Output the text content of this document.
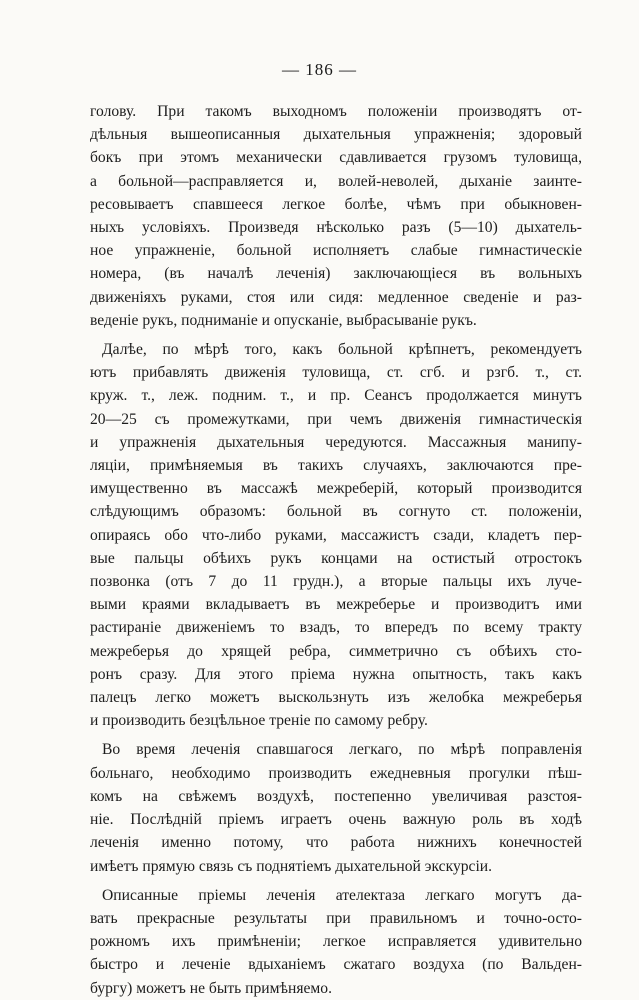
— 186 —

голову. При такомъ выходномъ положенiи производятъ от-

дѣльныя вышеописанныя дыхательныя упражненiя; здоровый

бокъ при этомъ механически сдавливается грузомъ туловища,

а больной—расправляется и, волей-неволей, дыханiе заинте-

ресовываетъ спавшееся легкое болѣе, чѣмъ при обыкновен-

ныхъ условiяхъ. Произведя нѣсколько разъ (5—10) дыхатель-

ное упражненiе, больной исполняетъ слабые гимнастическiе

номера, (въ началѣ леченiя) заключающiеся въ вольныхъ

движенiяхъ руками, стоя или сидя: медленное сведенiе и раз-

веденiе рукъ, подниманiе и опусканiе, выбрасыванiе рукъ.

Далѣе, по мѣрѣ того, какъ больной крѣпнетъ, рекомендуетъ

ютъ прибавлять движенiя туловища, ст. сгб. и рзгб. т., ст.

круж. т., леж. подним. т., и пр. Сеансъ продолжается минутъ

20—25 съ промежутками, при чемъ движенiя гимнастическiя

и упражненiя дыхательныя чередуются. Массажныя манипу-

ляцiи, примѣняемыя въ такихъ случаяхъ, заключаются пре-

имущественно въ массажѣ межреберiй, который производится

слѣдующимъ образомъ: больной въ согнуто ст. положенiи,

опираясь обо что-либо руками, массажистъ сзади, кладетъ пер-

вые пальцы обѣихъ рукъ концами на остистый отростокъ

позвонка (отъ 7 до 11 грудн.), а вторые пальцы ихъ луче-

выми краями вкладываетъ въ межреберье и производитъ ими

растиранiе движенiемъ то взадъ, то впередъ по всему тракту

межреберья до хрящей ребра, симметрично съ обѣихъ сто-

ронъ сразу. Для этого прiема нужна опытность, такъ какъ

палецъ легко можетъ выскользнуть изъ желобка межреберья

и производить безцѣльное тренiе по самому ребру.

Во время леченiя спавшагося легкаго, по мѣрѣ поправленiя

больнаго, необходимо производить ежедневныя прогулки пѣш-

комъ на свѣжемъ воздухѣ, постепенно увеличивая разстоя-

нiе. Послѣднiй прiемъ играетъ очень важную роль въ ходѣ

леченiя именно потому, что работа нижнихъ конечностей

имѣетъ прямую связь съ поднятiемъ дыхательной экскурсiи.

Описанные прiемы леченiя ателектаза легкаго могутъ да-

вать прекрасные результаты при правильномъ и точно-осто-

рожномъ ихъ примѣненiи; легкое исправляется удивительно

быстро и леченiе вдыханiемъ сжатаго воздуха (по Вальден-

бургу) можетъ не быть примѣняемо.
